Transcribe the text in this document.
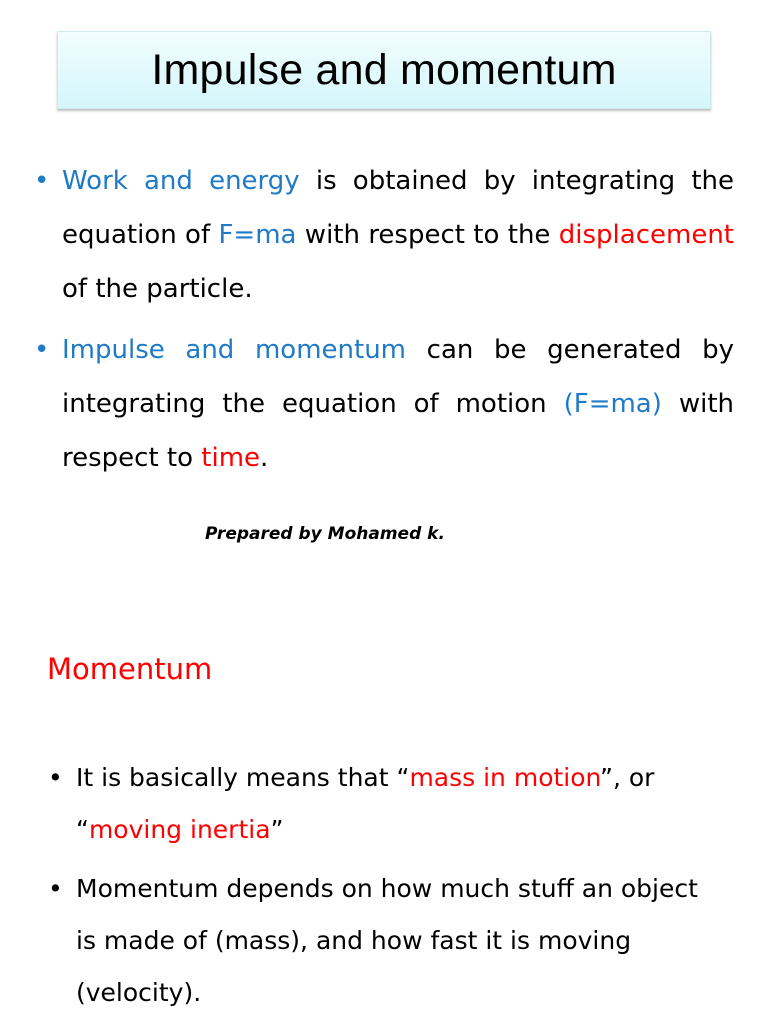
Impulse and momentum
• Work and energy is obtained by integrating the equation of F=ma with respect to the displacement of the particle.
• Impulse and momentum can be generated by integrating the equation of motion (F=ma) with respect to time.
Prepared by Mohamed k.
Momentum
• It is basically means that “mass in motion”, or “moving inertia”
• Momentum depends on how much stuff an object is made of (mass), and how fast it is moving (velocity).
